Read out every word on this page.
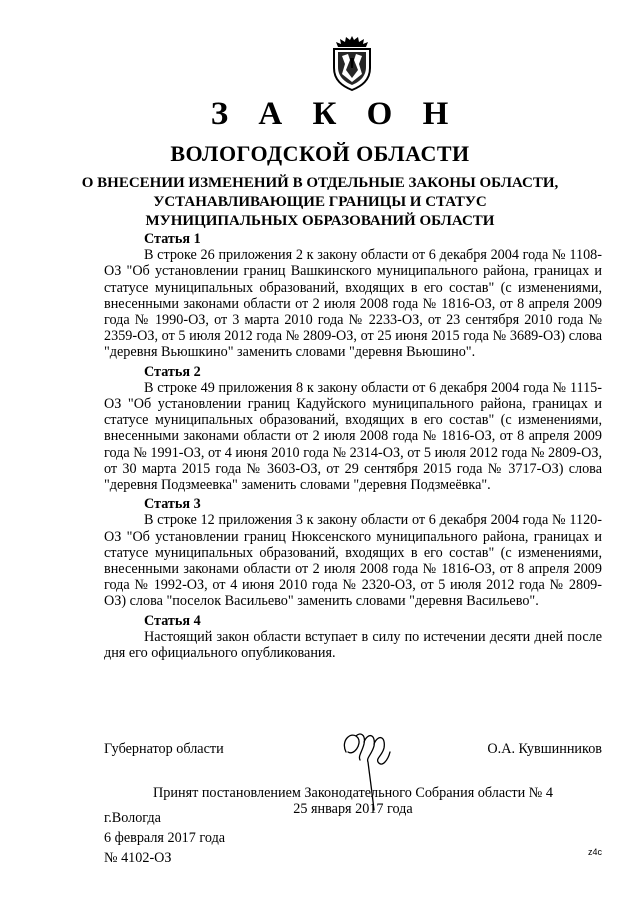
З А К О Н
ВОЛОГОДСКОЙ ОБЛАСТИ
О ВНЕСЕНИИ ИЗМЕНЕНИЙ В ОТДЕЛЬНЫЕ ЗАКОНЫ ОБЛАСТИ,
УСТАНАВЛИВАЮЩИЕ ГРАНИЦЫ И СТАТУС
МУНИЦИПАЛЬНЫХ ОБРАЗОВАНИЙ ОБЛАСТИ

Статья 1

В строке 26 приложения 2 к закону области от 6 декабря 2004 года № 1108-ОЗ "Об установлении границ Вашкинского муниципального района, границах и статусе муниципальных образований, входящих в его состав" (с изменениями, внесенными законами области от 2 июля 2008 года № 1816-ОЗ, от 8 апреля 2009 года № 1990-ОЗ, от 3 марта 2010 года № 2233-ОЗ, от 23 сентября 2010 года № 2359-ОЗ, от 5 июля 2012 года № 2809-ОЗ, от 25 июня 2015 года № 3689-ОЗ) слова "деревня Вьюшкино" заменить словами "деревня Вьюшино".

Статья 2

В строке 49 приложения 8 к закону области от 6 декабря 2004 года № 1115-ОЗ "Об установлении границ Кадуйского муниципального района, границах и статусе муниципальных образований, входящих в его состав" (с изменениями, внесенными законами области от 2 июля 2008 года № 1816-ОЗ, от 8 апреля 2009 года № 1991-ОЗ, от 4 июня 2010 года № 2314-ОЗ, от 5 июля 2012 года № 2809-ОЗ, от 30 марта 2015 года № 3603-ОЗ, от 29 сентября 2015 года № 3717-ОЗ) слова "деревня Подзмеевка" заменить словами "деревня Подзмеёвка".

Статья 3

В строке 12 приложения 3 к закону области от 6 декабря 2004 года № 1120-ОЗ "Об установлении границ Нюксенского муниципального района, границах и статусе муниципальных образований, входящих в его состав" (с изменениями, внесенными законами области от 2 июля 2008 года № 1816-ОЗ, от 8 апреля 2009 года № 1992-ОЗ, от 4 июня 2010 года № 2320-ОЗ, от 5 июля 2012 года № 2809-ОЗ) слова "поселок Васильево" заменить словами "деревня Васильево".

Статья 4

Настоящий закон области вступает в силу по истечении десяти дней после дня его официального опубликования.

Губернатор области	О.А. Кувшинников
Принят постановлением Законодательного Собрания области № 4
25 января 2017 года
г.Вологда
6 февраля 2017 года
№ 4102-ОЗ	z4c
